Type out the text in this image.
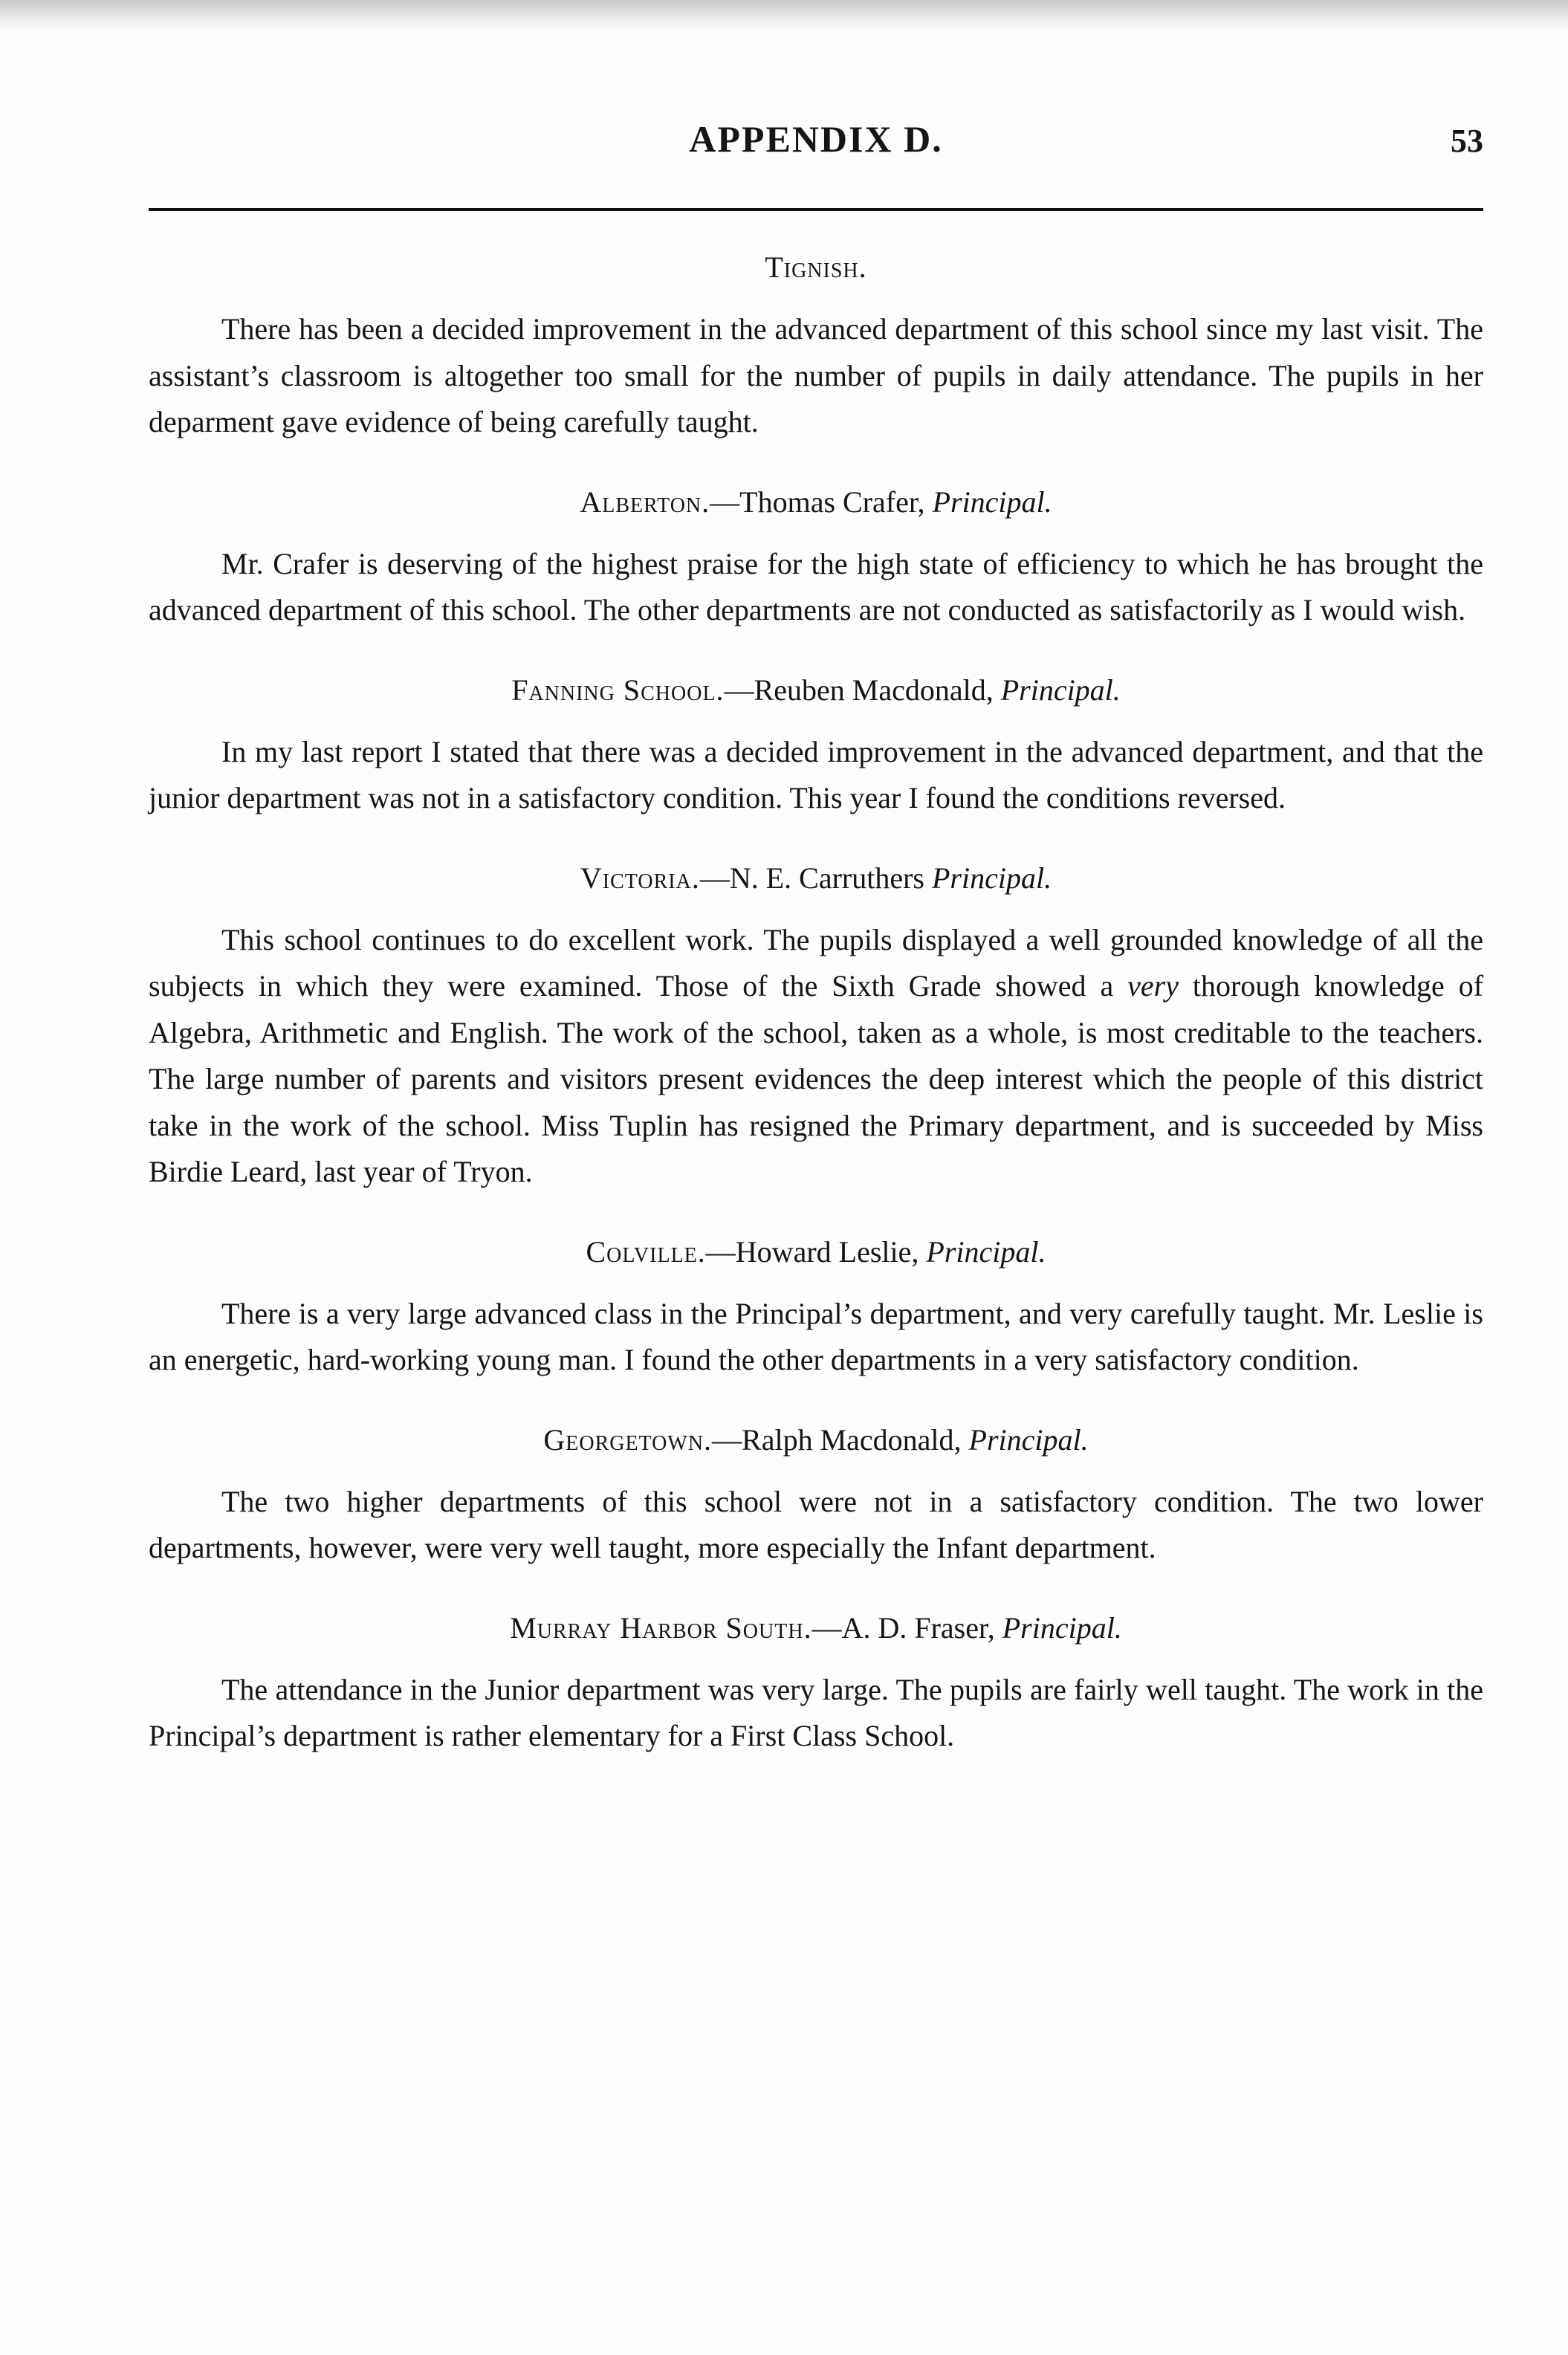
APPENDIX D.	53
Tignish.

There has been a decided improvement in the advanced department of this school since my last visit. The assistant’s classroom is altogether too small for the number of pupils in daily attendance. The pupils in her deparment gave evidence of being carefully taught.

Alberton.—Thomas Crafer, Principal.

Mr. Crafer is deserving of the highest praise for the high state of efficiency to which he has brought the advanced department of this school. The other departments are not conducted as satisfactorily as I would wish.

Fanning School.—Reuben Macdonald, Principal.

In my last report I stated that there was a decided improvement in the advanced department, and that the junior department was not in a satisfactory condition. This year I found the conditions reversed.

Victoria.—N. E. Carruthers Principal.

This school continues to do excellent work. The pupils displayed a well grounded knowledge of all the subjects in which they were examined. Those of the Sixth Grade showed a very thorough knowledge of Algebra, Arithmetic and English. The work of the school, taken as a whole, is most creditable to the teachers. The large number of parents and visitors present evidences the deep interest which the people of this district take in the work of the school. Miss Tuplin has resigned the Primary department, and is succeeded by Miss Birdie Leard, last year of Tryon.

Colville.—Howard Leslie, Principal.

There is a very large advanced class in the Principal’s department, and very carefully taught. Mr. Leslie is an energetic, hard-working young man. I found the other departments in a very satisfactory condition.

Georgetown.—Ralph Macdonald, Principal.

The two higher departments of this school were not in a satisfactory condition. The two lower departments, however, were very well taught, more especially the Infant department.

Murray Harbor South.—A. D. Fraser, Principal.

The attendance in the Junior department was very large. The pupils are fairly well taught. The work in the Principal’s department is rather elementary for a First Class School.
